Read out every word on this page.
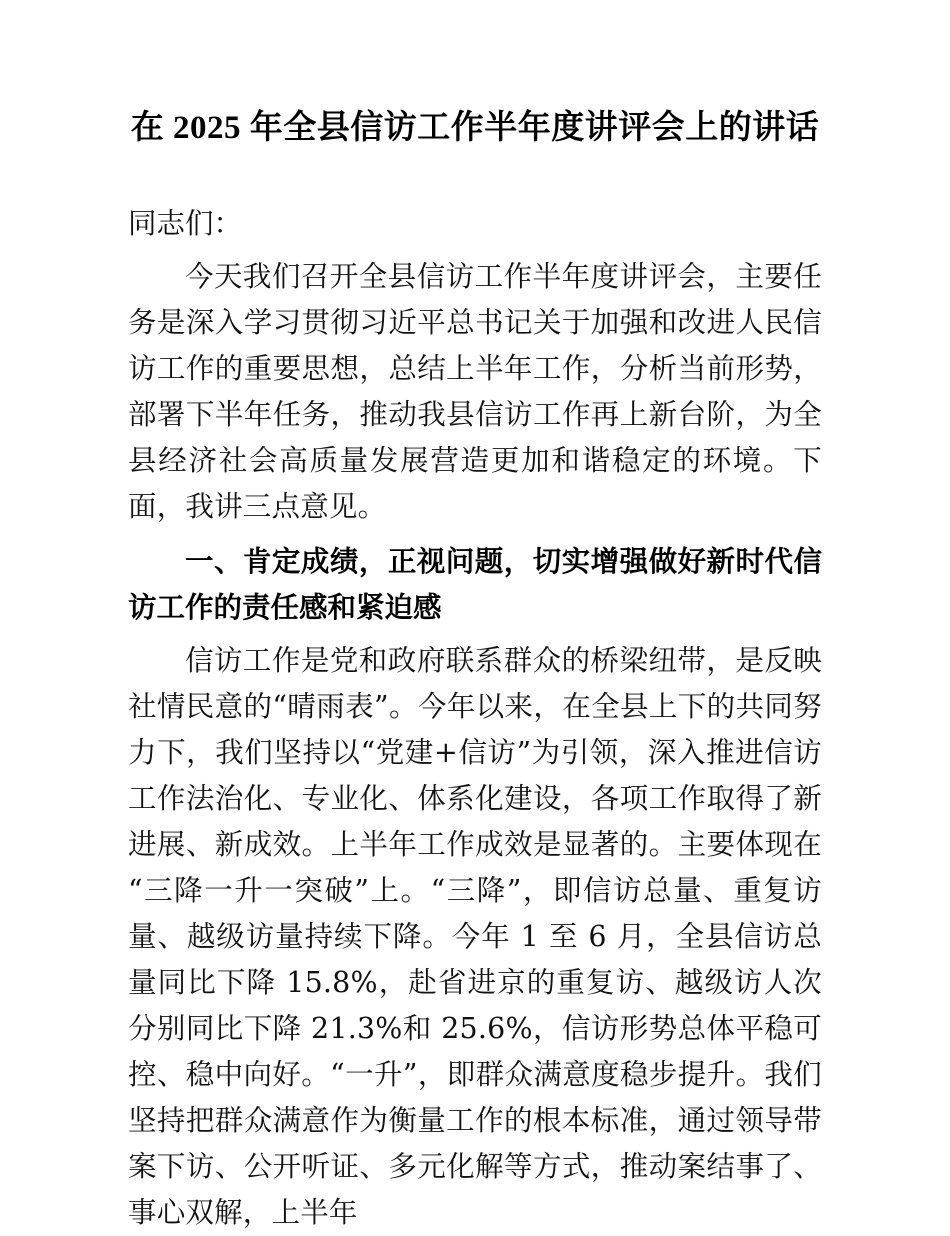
在 2025 年全县信访工作半年度讲评会上的讲话

同志们：

今天我们召开全县信访工作半年度讲评会，主要任务是深入学习贯彻习近平总书记关于加强和改进人民信访工作的重要思想，总结上半年工作，分析当前形势，部署下半年任务，推动我县信访工作再上新台阶，为全县经济社会高质量发展营造更加和谐稳定的环境。下面，我讲三点意见。

一、肯定成绩，正视问题，切实增强做好新时代信访工作的责任感和紧迫感

信访工作是党和政府联系群众的桥梁纽带，是反映社情民意的“晴雨表”。今年以来，在全县上下的共同努力下，我们坚持以“党建+信访”为引领，深入推进信访工作法治化、专业化、体系化建设，各项工作取得了新进展、新成效。上半年工作成效是显著的。主要体现在“三降一升一突破”上。“三降”，即信访总量、重复访量、越级访量持续下降。今年 1 至 6 月，全县信访总量同比下降 15.8%，赴省进京的重复访、越级访人次分别同比下降 21.3%和 25.6%，信访形势总体平稳可控、稳中向好。“一升”，即群众满意度稳步提升。我们坚持把群众满意作为衡量工作的根本标准，通过领导带案下访、公开听证、多元化解等方式，推动案结事了、事心双解，上半年
